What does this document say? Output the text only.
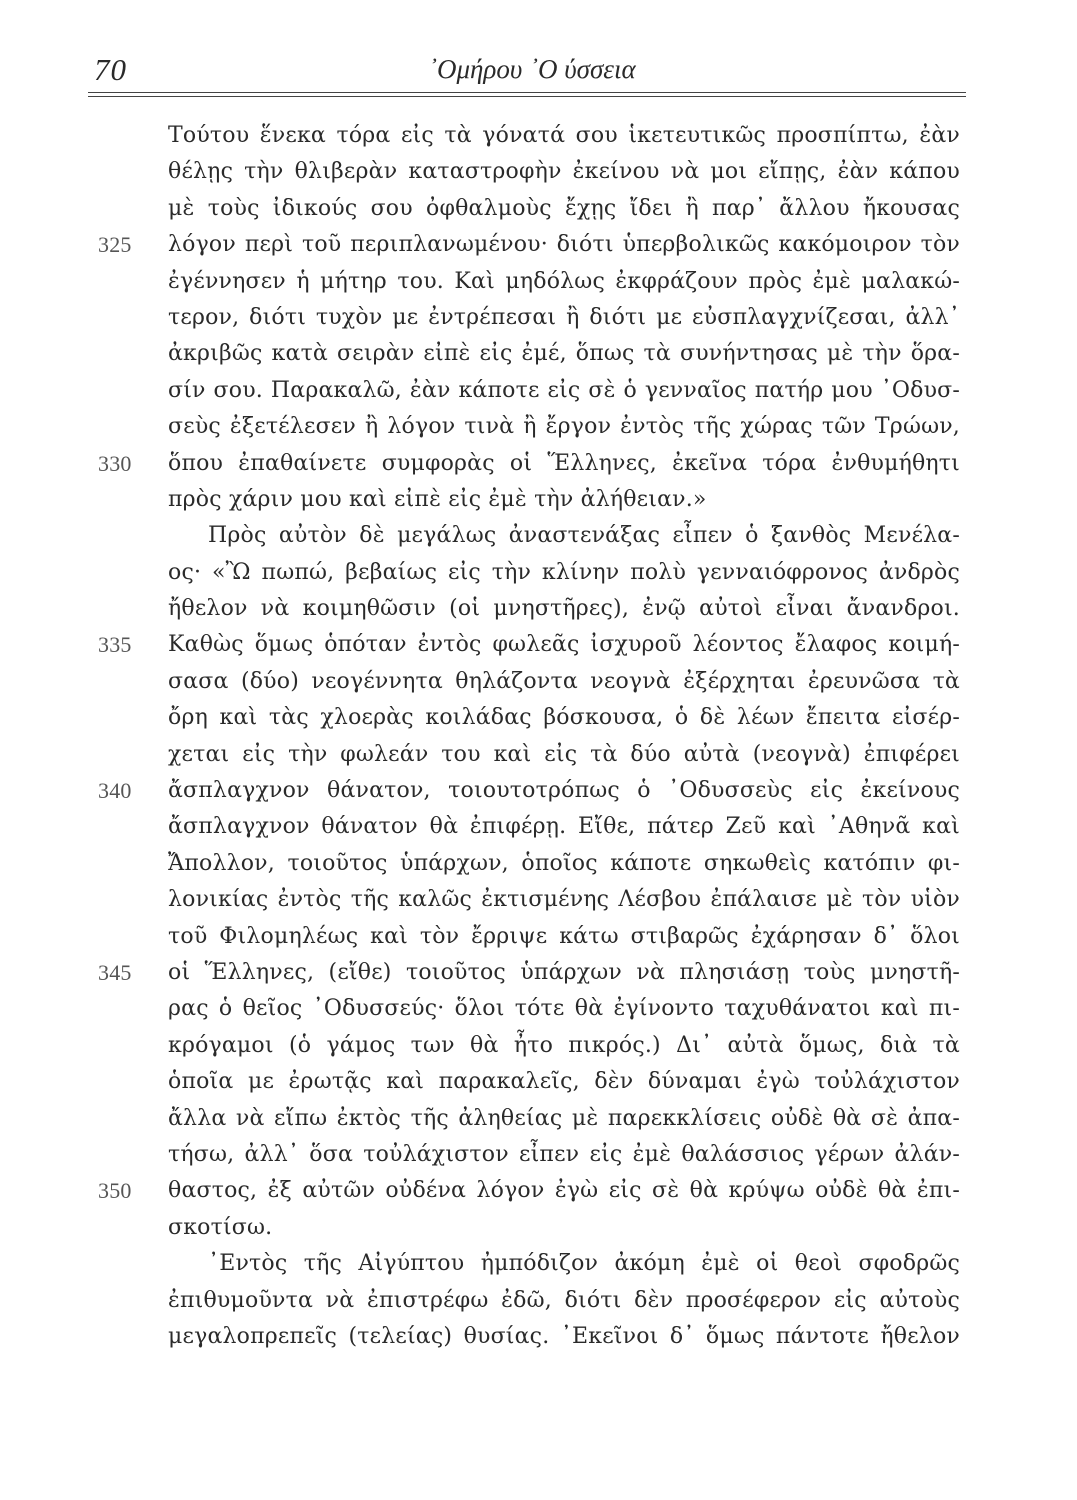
70	᾽Ομήρου ᾽Ο ύσσεια
Τούτου ἕνεκα τόρα εἰς τὰ γόνατά σου ἱκετευτικῶς προσπίπτω, ἐὰν
θέλῃς τὴν θλιβερὰν καταστροφὴν ἐκείνου νὰ μοι εἴπῃς, ἐὰν κάπου
μὲ τοὺς ἰδικούς σου ὀφθαλμοὺς ἔχῃς ἴδει ἢ παρ᾽ ἄλλου ἤκουσας
325	λόγον περὶ τοῦ περιπλανωμένου· διότι ὑπερβολικῶς κακόμοιρον τὸν
ἐγέννησεν ἡ μήτηρ του. Καὶ μηδόλως ἐκφράζουν πρὸς ἐμὲ μαλακώ-
τερον, διότι τυχὸν με ἐντρέπεσαι ἢ διότι με εὐσπλαγχνίζεσαι, ἀλλ᾽
ἀκριβῶς κατὰ σειρὰν εἰπὲ εἰς ἐμέ, ὅπως τὰ συνήντησας μὲ τὴν ὅρα-
σίν σου. Παρακαλῶ, ἐὰν κάποτε εἰς σὲ ὁ γενναῖος πατήρ μου ᾽Οδυσ-
σεὺς ἐξετέλεσεν ἢ λόγον τινὰ ἢ ἔργον ἐντὸς τῆς χώρας τῶν Τρώων,
330	ὅπου ἐπαθαίνετε συμφορὰς οἱ Ἕλληνες, ἐκεῖνα τόρα ἐνθυμήθητι
πρὸς χάριν μου καὶ εἰπὲ εἰς ἐμὲ τὴν ἀλήθειαν.»
Πρὸς αὐτὸν δὲ μεγάλως ἀναστενάξας εἶπεν ὁ ξανθὸς Μενέλα-
ος· «Ὢ πωπώ, βεβαίως εἰς τὴν κλίνην πολὺ γενναιόφρονος ἀνδρὸς
ἤθελον νὰ κοιμηθῶσιν (οἱ μνηστῆρες), ἐνῷ αὐτοὶ εἶναι ἄνανδροι.
335	Καθὼς ὅμως ὁπόταν ἐντὸς φωλεᾶς ἰσχυροῦ λέοντος ἔλαφος κοιμή-
σασα (δύο) νεογέννητα θηλάζοντα νεογνὰ ἐξέρχηται ἐρευνῶσα τὰ
ὄρη καὶ τὰς χλοερὰς κοιλάδας βόσκουσα, ὁ δὲ λέων ἔπειτα εἰσέρ-
χεται εἰς τὴν φωλεάν του καὶ εἰς τὰ δύο αὐτὰ (νεογνὰ) ἐπιφέρει
340	ἄσπλαγχνον θάνατον, τοιουτοτρόπως ὁ ᾽Οδυσσεὺς εἰς ἐκείνους
ἄσπλαγχνον θάνατον θὰ ἐπιφέρῃ. Εἴθε, πάτερ Ζεῦ καὶ ᾽Αθηνᾶ καὶ
Ἄπολλον, τοιοῦτος ὑπάρχων, ὁποῖος κάποτε σηκωθεὶς κατόπιν φι-
λονικίας ἐντὸς τῆς καλῶς ἐκτισμένης Λέσβου ἐπάλαισε μὲ τὸν υἱὸν
τοῦ Φιλομηλέως καὶ τὸν ἔρριψε κάτω στιβαρῶς ἐχάρησαν δ᾽ ὅλοι
345	οἱ Ἕλληνες, (εἴθε) τοιοῦτος ὑπάρχων νὰ πλησιάσῃ τοὺς μνηστῆ-
ρας ὁ θεῖος ᾽Οδυσσεύς· ὅλοι τότε θὰ ἐγίνοντο ταχυθάνατοι καὶ πι-
κρόγαμοι (ὁ γάμος των θὰ ἦτο πικρός.) Δι᾽ αὐτὰ ὅμως, διὰ τὰ
ὁποῖα με ἐρωτᾷς καὶ παρακαλεῖς, δὲν δύναμαι ἐγὼ τοὐλάχιστον
ἄλλα νὰ εἴπω ἐκτὸς τῆς ἀληθείας μὲ παρεκκλίσεις οὐδὲ θὰ σὲ ἀπα-
τήσω, ἀλλ᾽ ὅσα τοὐλάχιστον εἶπεν εἰς ἐμὲ θαλάσσιος γέρων ἀλάν-
350	θαστος, ἐξ αὐτῶν οὐδένα λόγον ἐγὼ εἰς σὲ θὰ κρύψω οὐδὲ θὰ ἐπι-
σκοτίσω.
᾽Εντὸς τῆς Αἰγύπτου ἠμπόδιζον ἀκόμη ἐμὲ οἱ θεοὶ σφοδρῶς
ἐπιθυμοῦντα νὰ ἐπιστρέφω ἐδῶ, διότι δὲν προσέφερον εἰς αὐτοὺς
μεγαλοπρεπεῖς (τελείας) θυσίας. ᾽Εκεῖνοι δ᾽ ὅμως πάντοτε ἤθελον
